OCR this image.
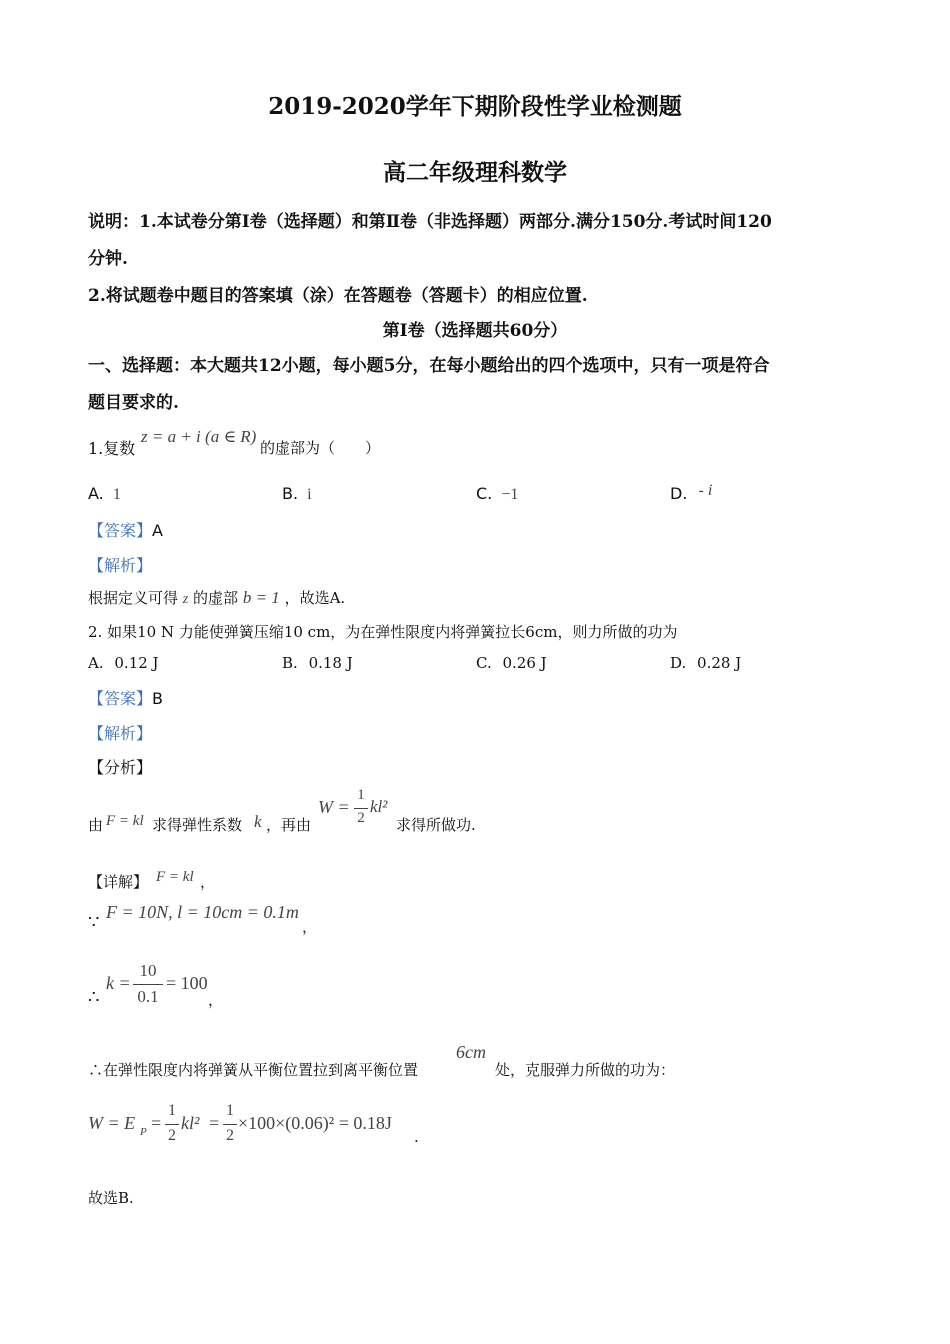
2019-2020学年下期阶段性学业检测题
高二年级理科数学
说明：1.本试卷分第Ⅰ卷（选择题）和第Ⅱ卷（非选择题）两部分.满分150分.考试时间120
分钟.
2.将试题卷中题目的答案填（涂）在答题卷（答题卡）的相应位置.
第Ⅰ卷（选择题共60分）
一、选择题：本大题共12小题，每小题5分，在每小题给出的四个选项中，只有一项是符合
题目要求的.
1.复数
z = a + i (a ∈ R)
的虚部为（　　）
A. 1	B. i	C. −1	D. - i
【答案】A
【解析】
根据定义可得 z 的虚部 b = 1 ，故选A.
2. 如果10 N 力能使弹簧压缩10 cm，为在弹性限度内将弹簧拉长6cm，则力所做的功为
A. 0.12 J	B. 0.18 J	C. 0.26 J	D. 0.28 J
【答案】B
【解析】
【分析】
由 F = kl 求得弹性系数 k ，再由
W =
1
2
kl²
求得所做功.
【详解】 F = kl ，
∵ F = 10N, l = 10cm = 0.1m
，
∴
k =
10
0.1
= 100
，
∴在弹性限度内将弹簧从平衡位置拉到离平衡位置
6cm
处，克服弹力所做的功为：
W = E P =
1
2
kl² =
1
2
×100×(0.06)² = 0.18J
.
故选B.
